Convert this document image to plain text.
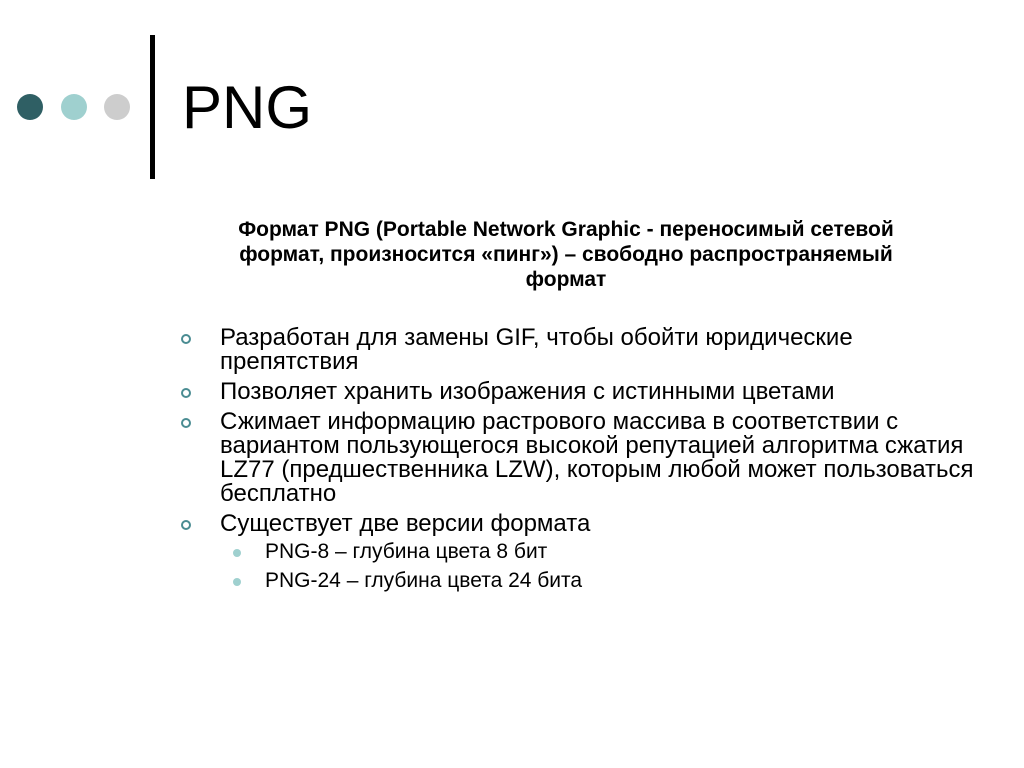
PNG

Формат PNG (Portable Network Graphic - переносимый сетевой формат, произносится «пинг») – свободно распространяемый формат

Разработан для замены GIF, чтобы обойти юридические препятствия
Позволяет хранить изображения с истинными цветами
Сжимает информацию растрового массива в соответствии с вариантом пользующегося высокой репутацией алгоритма сжатия LZ77 (предшественника LZW), которым любой может пользоваться бесплатно
Существует две версии формата
PNG-8 – глубина цвета 8 бит
PNG-24 – глубина цвета 24 бита
